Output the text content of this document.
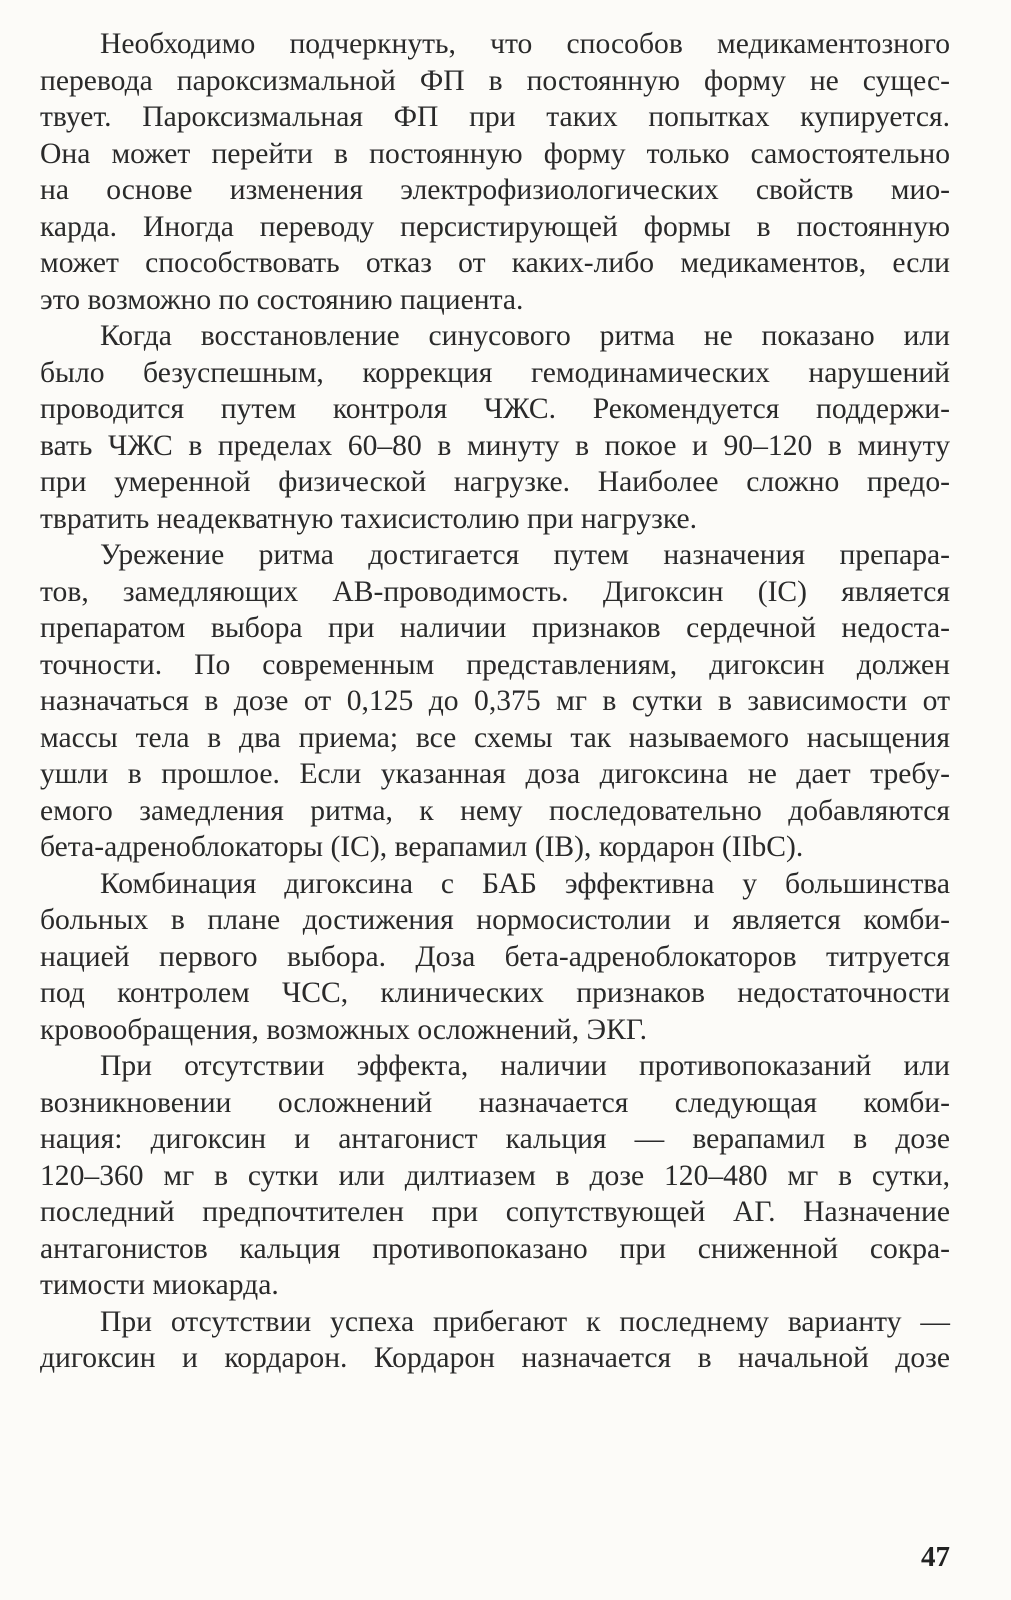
Необходимо подчеркнуть, что способов медикаментозного
перевода пароксизмальной ФП в постоянную форму не сущес-
твует. Пароксизмальная ФП при таких попытках купируется.
Она может перейти в постоянную форму только самостоятельно
на основе изменения электрофизиологических свойств мио-
карда. Иногда переводу персистирующей формы в постоянную
может способствовать отказ от каких-либо медикаментов, если
это возможно по состоянию пациента.
Когда восстановление синусового ритма не показано или
было безуспешным, коррекция гемодинамических нарушений
проводится путем контроля ЧЖС. Рекомендуется поддержи-
вать ЧЖС в пределах 60–80 в минуту в покое и 90–120 в минуту
при умеренной физической нагрузке. Наиболее сложно предо-
твратить неадекватную тахисистолию при нагрузке.
Урежение ритма достигается путем назначения препара-
тов, замедляющих АВ-проводимость. Дигоксин (IC) является
препаратом выбора при наличии признаков сердечной недоста-
точности. По современным представлениям, дигоксин должен
назначаться в дозе от 0,125 до 0,375 мг в сутки в зависимости от
массы тела в два приема; все схемы так называемого насыщения
ушли в прошлое. Если указанная доза дигоксина не дает требу-
емого замедления ритма, к нему последовательно добавляются
бета-адреноблокаторы (IC), верапамил (IB), кордарон (IIbC).
Комбинация дигоксина с БАБ эффективна у большинства
больных в плане достижения нормосистолии и является комби-
нацией первого выбора. Доза бета-адреноблокаторов титруется
под контролем ЧСС, клинических признаков недостаточности
кровообращения, возможных осложнений, ЭКГ.
При отсутствии эффекта, наличии противопоказаний или
возникновении осложнений назначается следующая комби-
нация: дигоксин и антагонист кальция — верапамил в дозе
120–360 мг в сутки или дилтиазем в дозе 120–480 мг в сутки,
последний предпочтителен при сопутствующей АГ. Назначение
антагонистов кальция противопоказано при сниженной сокра-
тимости миокарда.
При отсутствии успеха прибегают к последнему варианту —
дигоксин и кордарон. Кордарон назначается в начальной дозе
47
